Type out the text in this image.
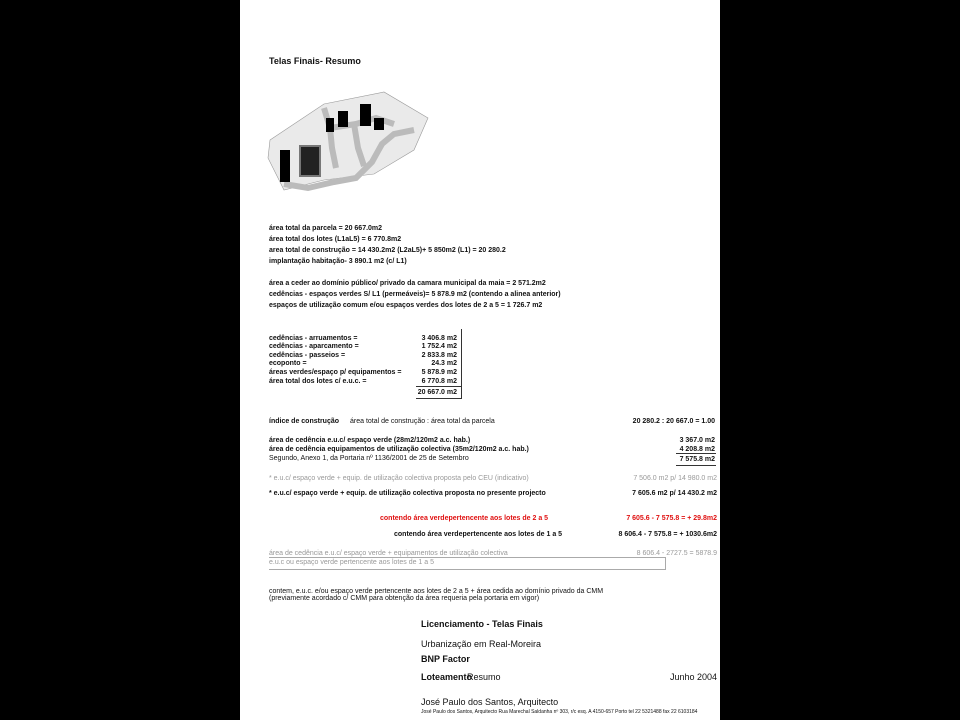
Telas Finais- Resumo
área total da parcela = 20 667.0m2
área total dos lotes (L1aL5) = 6 770.8m2
area total de construção = 14 430.2m2 (L2aL5)+ 5 850m2 (L1) = 20 280.2
implantação habitação- 3 890.1 m2 (c/ L1)
área a ceder ao domínio público/ privado da camara municipal da maia = 2 571.2m2
cedências - espaços verdes S/ L1 (permeáveis)= 5 878.9 m2 (contendo a alinea anterior)
espaços de utilização comum e/ou espaços verdes dos lotes de 2 a 5 = 1 726.7 m2
cedências - arruamentos =	3 406.8 m2
cedências - aparcamento =	1 752.4 m2
cedências - passeios =	2 833.8 m2
ecoponto =	24.3 m2
áreas verdes/espaço p/ equipamentos =	5 878.9 m2
área total dos lotes c/ e.u.c. =	6 770.8 m2
20 667.0 m2
índice de construção área total de construção : área total da parcela	20 280.2 : 20 667.0 = 1.00
área de cedência e.u.c/ espaço verde (28m2/120m2 a.c. hab.)	3 367.0 m2
área de cedência equipamentos de utilização colectiva (35m2/120m2 a.c. hab.)	4 208.8 m2
Segundo, Anexo 1, da Portaria nº 1136/2001 de 25 de Setembro	7 575.8 m2
* e.u.c/ espaço verde + equip. de utilização colectiva proposta pelo CEU (indicativo)	7 506.0 m2 p/ 14 980.0 m2
* e.u.c/ espaço verde + equip. de utilização colectiva proposta no presente projecto	7 605.6 m2 p/ 14 430.2 m2
contendo área verdepertencente aos lotes de 2 a 5	7 605.6 - 7 575.8 = + 29.8m2
contendo área verdepertencente aos lotes de 1 a 5	8 606.4 - 7 575.8 = + 1030.6m2
área de cedência e.u.c/ espaço verde + equipamentos de utilização colectiva	8 606.4 - 2727.5 = 5878.9
e.u.c ou espaço verde pertencente aos lotes de 1 a 5
contem, e.u.c. e/ou espaço verde pertencente aos lotes de 2 a 5 + área cedida ao domínio privado da CMM
(previamente acordado c/ CMM para obtenção da área requeria pela portaria em vigor)
Licenciamento - Telas Finais
Urbanização em Real-Moreira
BNP Factor
Loteamento
Resumo	Junho 2004
José Paulo dos Santos, Arquitecto
José Paulo dos Santos, Arquitecto Rua Marechal Saldanha nº 303, r/c esq. A 4150-657 Porto tel 22 5321488 fax 22 6103184
